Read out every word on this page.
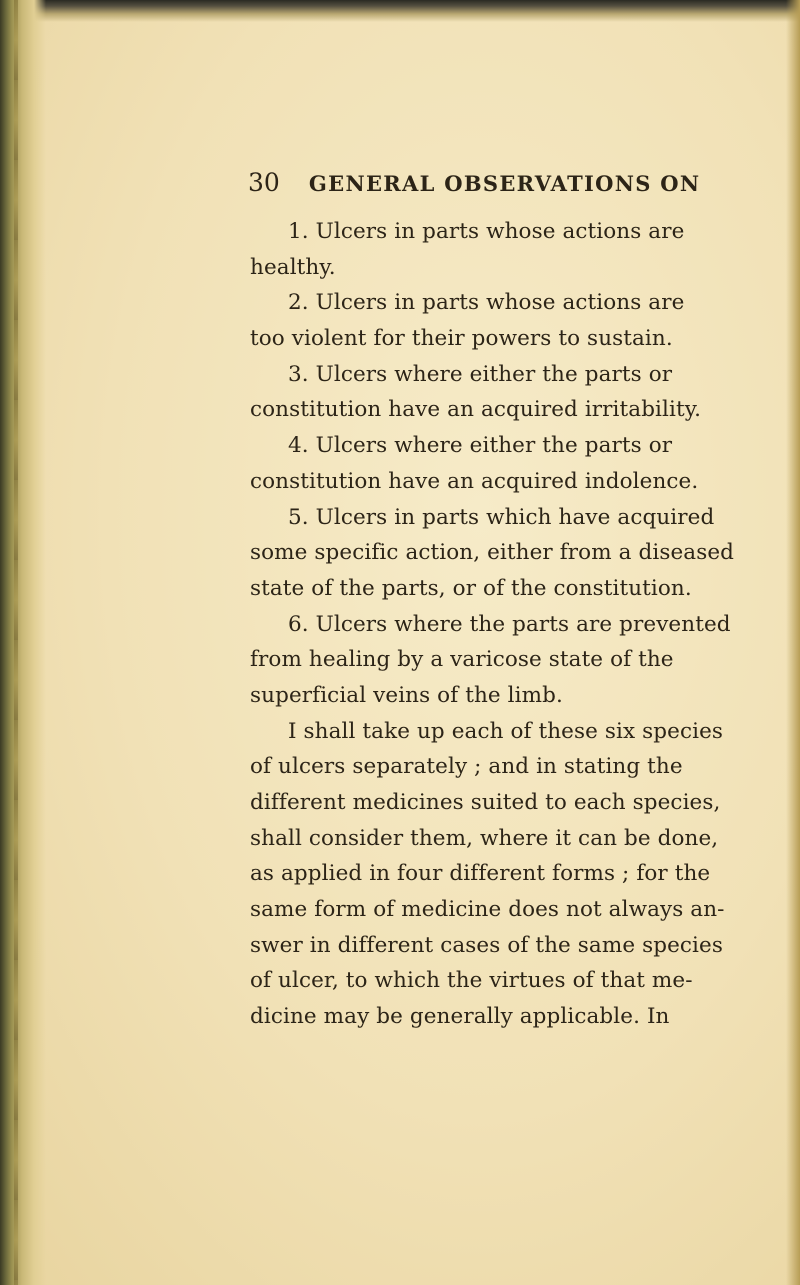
30 GENERAL OBSERVATIONS ON
1. Ulcers in parts whose actions are
healthy.
2. Ulcers in parts whose actions are
too violent for their powers to sustain.
3. Ulcers where either the parts or
constitution have an acquired irritability.
4. Ulcers where either the parts or
constitution have an acquired indolence.
5. Ulcers in parts which have acquired
some specific action, either from a diseased
state of the parts, or of the constitution.
6. Ulcers where the parts are prevented
from healing by a varicose state of the
superficial veins of the limb.
I shall take up each of these six species
of ulcers separately ; and in stating the
different medicines suited to each species,
shall consider them, where it can be done,
as applied in four different forms ; for the
same form of medicine does not always an-
swer in different cases of the same species
of ulcer, to which the virtues of that me-
dicine may be generally applicable. In
